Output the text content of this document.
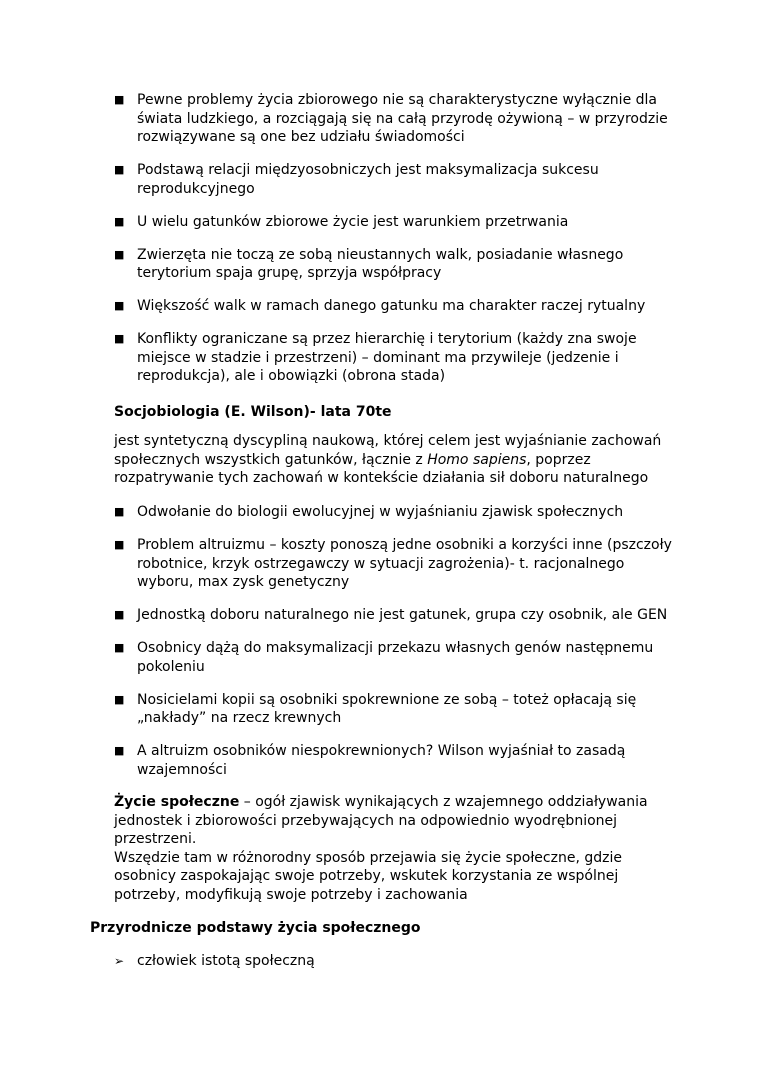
■ Pewne problemy życia zbiorowego nie są charakterystyczne wyłącznie dla świata ludzkiego, a rozciągają się na całą przyrodę ożywioną – w przyrodzie rozwiązywane są one bez udziału świadomości
■ Podstawą relacji międzyosobniczych jest maksymalizacja sukcesu reprodukcyjnego
■ U wielu gatunków zbiorowe życie jest warunkiem przetrwania
■ Zwierzęta nie toczą ze sobą nieustannych walk, posiadanie własnego terytorium spaja grupę, sprzyja współpracy
■ Większość walk w ramach danego gatunku ma charakter raczej rytualny
■ Konflikty ograniczane są przez hierarchię i terytorium (każdy zna swoje miejsce w stadzie i przestrzeni) – dominant ma przywileje (jedzenie i reprodukcja), ale i obowiązki (obrona stada)
Socjobiologia (E. Wilson)- lata 70te

jest syntetyczną dyscypliną naukową, której celem jest wyjaśnianie zachowań społecznych wszystkich gatunków, łącznie z Homo sapiens, poprzez rozpatrywanie tych zachowań w kontekście działania sił doboru naturalnego

■ Odwołanie do biologii ewolucyjnej w wyjaśnianiu zjawisk społecznych
■ Problem altruizmu – koszty ponoszą jedne osobniki a korzyści inne (pszczoły robotnice, krzyk ostrzegawczy w sytuacji zagrożenia)- t. racjonalnego wyboru, max zysk genetyczny
■ Jednostką doboru naturalnego nie jest gatunek, grupa czy osobnik, ale GEN
■ Osobnicy dążą do maksymalizacji przekazu własnych genów następnemu pokoleniu
■ Nosicielami kopii są osobniki spokrewnione ze sobą – toteż opłacają się „nakłady” na rzecz krewnych
■ A altruizm osobników niespokrewnionych? Wilson wyjaśniał to zasadą wzajemności
Życie społeczne – ogół zjawisk wynikających z wzajemnego oddziaływania jednostek i zbiorowości przebywających na odpowiednio wyodrębnionej przestrzeni.
Wszędzie tam w różnorodny sposób przejawia się życie społeczne, gdzie osobnicy zaspokajając swoje potrzeby, wskutek korzystania ze wspólnej potrzeby, modyfikują swoje potrzeby i zachowania
Przyrodnicze podstawy życia społecznego
➢ człowiek istotą społeczną
